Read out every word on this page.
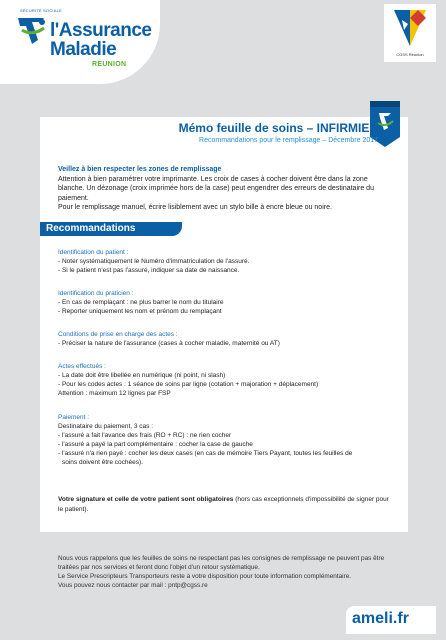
SÉCURITÉ SOCIALE
l'Assurance
Maladie
REUNION
CGSS Réunion
Mémo feuille de soins – INFIRMIER
Recommandations pour le remplissage – Décembre 2017

Veillez à bien respecter les zones de remplissage

Attention à bien paramétrer votre imprimante. Les croix de cases à cocher doivent être dans la zone blanche. Un dézonage (croix imprimée hors de la case) peut engendrer des erreurs de destinataire du paiement.

Pour le remplissage manuel, écrire lisiblement avec un stylo bille à encre bleue ou noire.

Recommandations
Identification du patient :
- Noter systématiquement le Numéro d'immatriculation de l'assuré.
- Si le patient n'est pas l'assuré, indiquer sa date de naissance.
Identification du praticien :
- En cas de remplaçant : ne plus barrer le nom du titulaire
- Reporter uniquement les nom et prénom du remplaçant
Conditions de prise en charge des actes :
- Préciser la nature de l'assurance (cases à cocher maladie, maternité ou AT)
Actes effectués :
- La date doit être libellée en numérique (ni point, ni slash)
- Pour les codes actes : 1 séance de soins par ligne (cotation + majoration + déplacement)
Attention : maximum 12 lignes par FSP
Paiement :
Destinataire du paiement, 3 cas :
- l'assuré a fait l'avance des frais (RO + RC) : ne rien cocher
- l'assuré a payé la part complémentaire : cocher la case de gauche
- l'assuré n'a rien payé : cocher les deux cases (en cas de mémoire Tiers Payant, toutes les feuilles de
soins doivent être cochées).
Votre signature et celle de votre patient sont obligatoires (hors cas exceptionnels d'impossibilité de signer pour le patient).

Nous vous rappelons que les feuilles de soins ne respectant pas les consignes de remplissage ne peuvent pas être traitées par nos services et feront donc l'objet d'un retour systématique.

Le Service Prescripteurs Transporteurs reste à votre disposition pour toute information complémentaire.

Vous pouvez nous contacter par mail : pntp@cgss.re

ameli.fr
